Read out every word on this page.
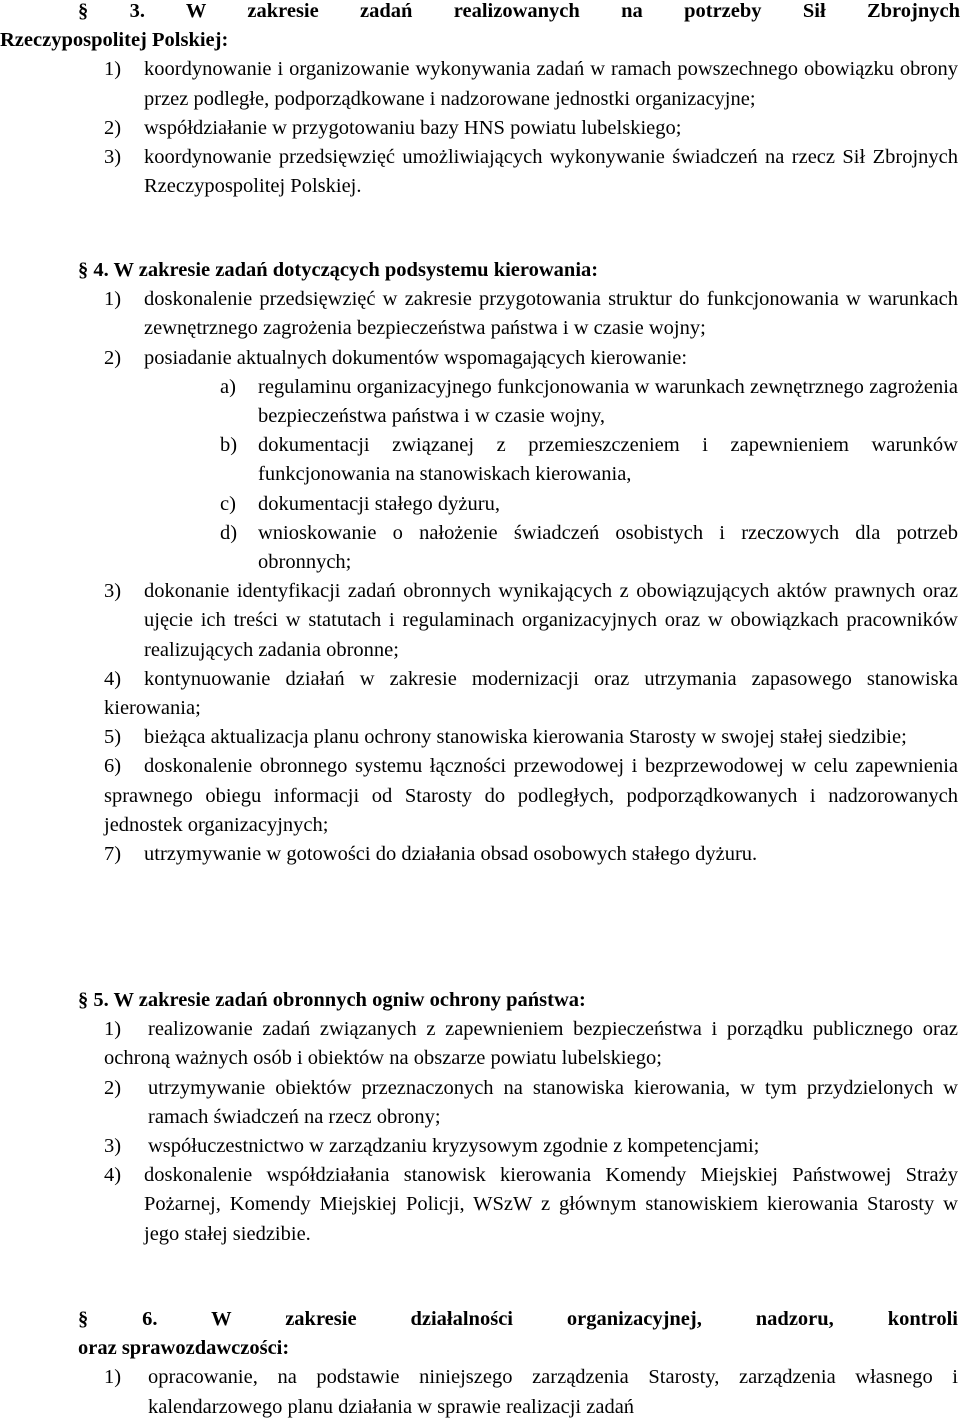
§ 3. W zakresie zadań realizowanych na potrzeby Sił Zbrojnych
Rzeczypospolitej Polskiej:
1) koordynowanie i organizowanie wykonywania zadań w ramach powszechnego obowiązku obrony przez podległe, podporządkowane i nadzorowane jednostki organizacyjne;
2) współdziałanie w przygotowaniu bazy HNS powiatu lubelskiego;
3) koordynowanie przedsięwzięć umożliwiających wykonywanie świadczeń na rzecz Sił Zbrojnych Rzeczypospolitej Polskiej.
§ 4. W zakresie zadań dotyczących podsystemu kierowania:
1)	doskonalenie przedsięwzięć w zakresie przygotowania struktur do funkcjonowania w warunkach zewnętrznego zagrożenia bezpieczeństwa państwa i w czasie wojny;
2)	posiadanie aktualnych dokumentów wspomagających kierowanie:
a)	regulaminu organizacyjnego funkcjonowania w warunkach zewnętrznego zagrożenia bezpieczeństwa państwa i w czasie wojny,
b)	dokumentacji związanej z przemieszczeniem i zapewnieniem warunków funkcjonowania na stanowiskach kierowania,
c)	dokumentacji stałego dyżuru,
d)	wnioskowanie o nałożenie świadczeń osobistych i rzeczowych dla potrzeb obronnych;
3)	dokonanie identyfikacji zadań obronnych wynikających z obowiązujących aktów prawnych oraz ujęcie ich treści w statutach i regulaminach organizacyjnych oraz w obowiązkach pracowników realizujących zadania obronne;
4)	kontynuowanie działań w zakresie modernizacji oraz utrzymania zapasowego stanowiska kierowania;
5)	bieżąca aktualizacja planu ochrony stanowiska kierowania Starosty w swojej stałej siedzibie;
6)	doskonalenie obronnego systemu łączności przewodowej i bezprzewodowej w celu zapewnienia sprawnego obiegu informacji od Starosty do podległych, podporządkowanych i nadzorowanych jednostek organizacyjnych;
7)	utrzymywanie w gotowości do działania obsad osobowych stałego dyżuru.
§ 5. W zakresie zadań obronnych ogniw ochrony państwa:
1)	realizowanie zadań związanych z zapewnieniem bezpieczeństwa i porządku publicznego oraz ochroną ważnych osób i obiektów na obszarze powiatu lubelskiego;
2)	utrzymywanie obiektów przeznaczonych na stanowiska kierowania, w tym przydzielonych w ramach świadczeń na rzecz obrony;
3)	współuczestnictwo w zarządzaniu kryzysowym zgodnie z kompetencjami;
4)	doskonalenie współdziałania stanowisk kierowania Komendy Miejskiej Państwowej Straży Pożarnej, Komendy Miejskiej Policji, WSzW z głównym stanowiskiem kierowania Starosty w jego stałej siedzibie.
§ 6. W zakresie działalności organizacyjnej, nadzoru, kontroli
oraz sprawozdawczości:
1)	opracowanie, na podstawie niniejszego zarządzenia Starosty, zarządzenia własnego i kalendarzowego planu działania w sprawie realizacji zadań
